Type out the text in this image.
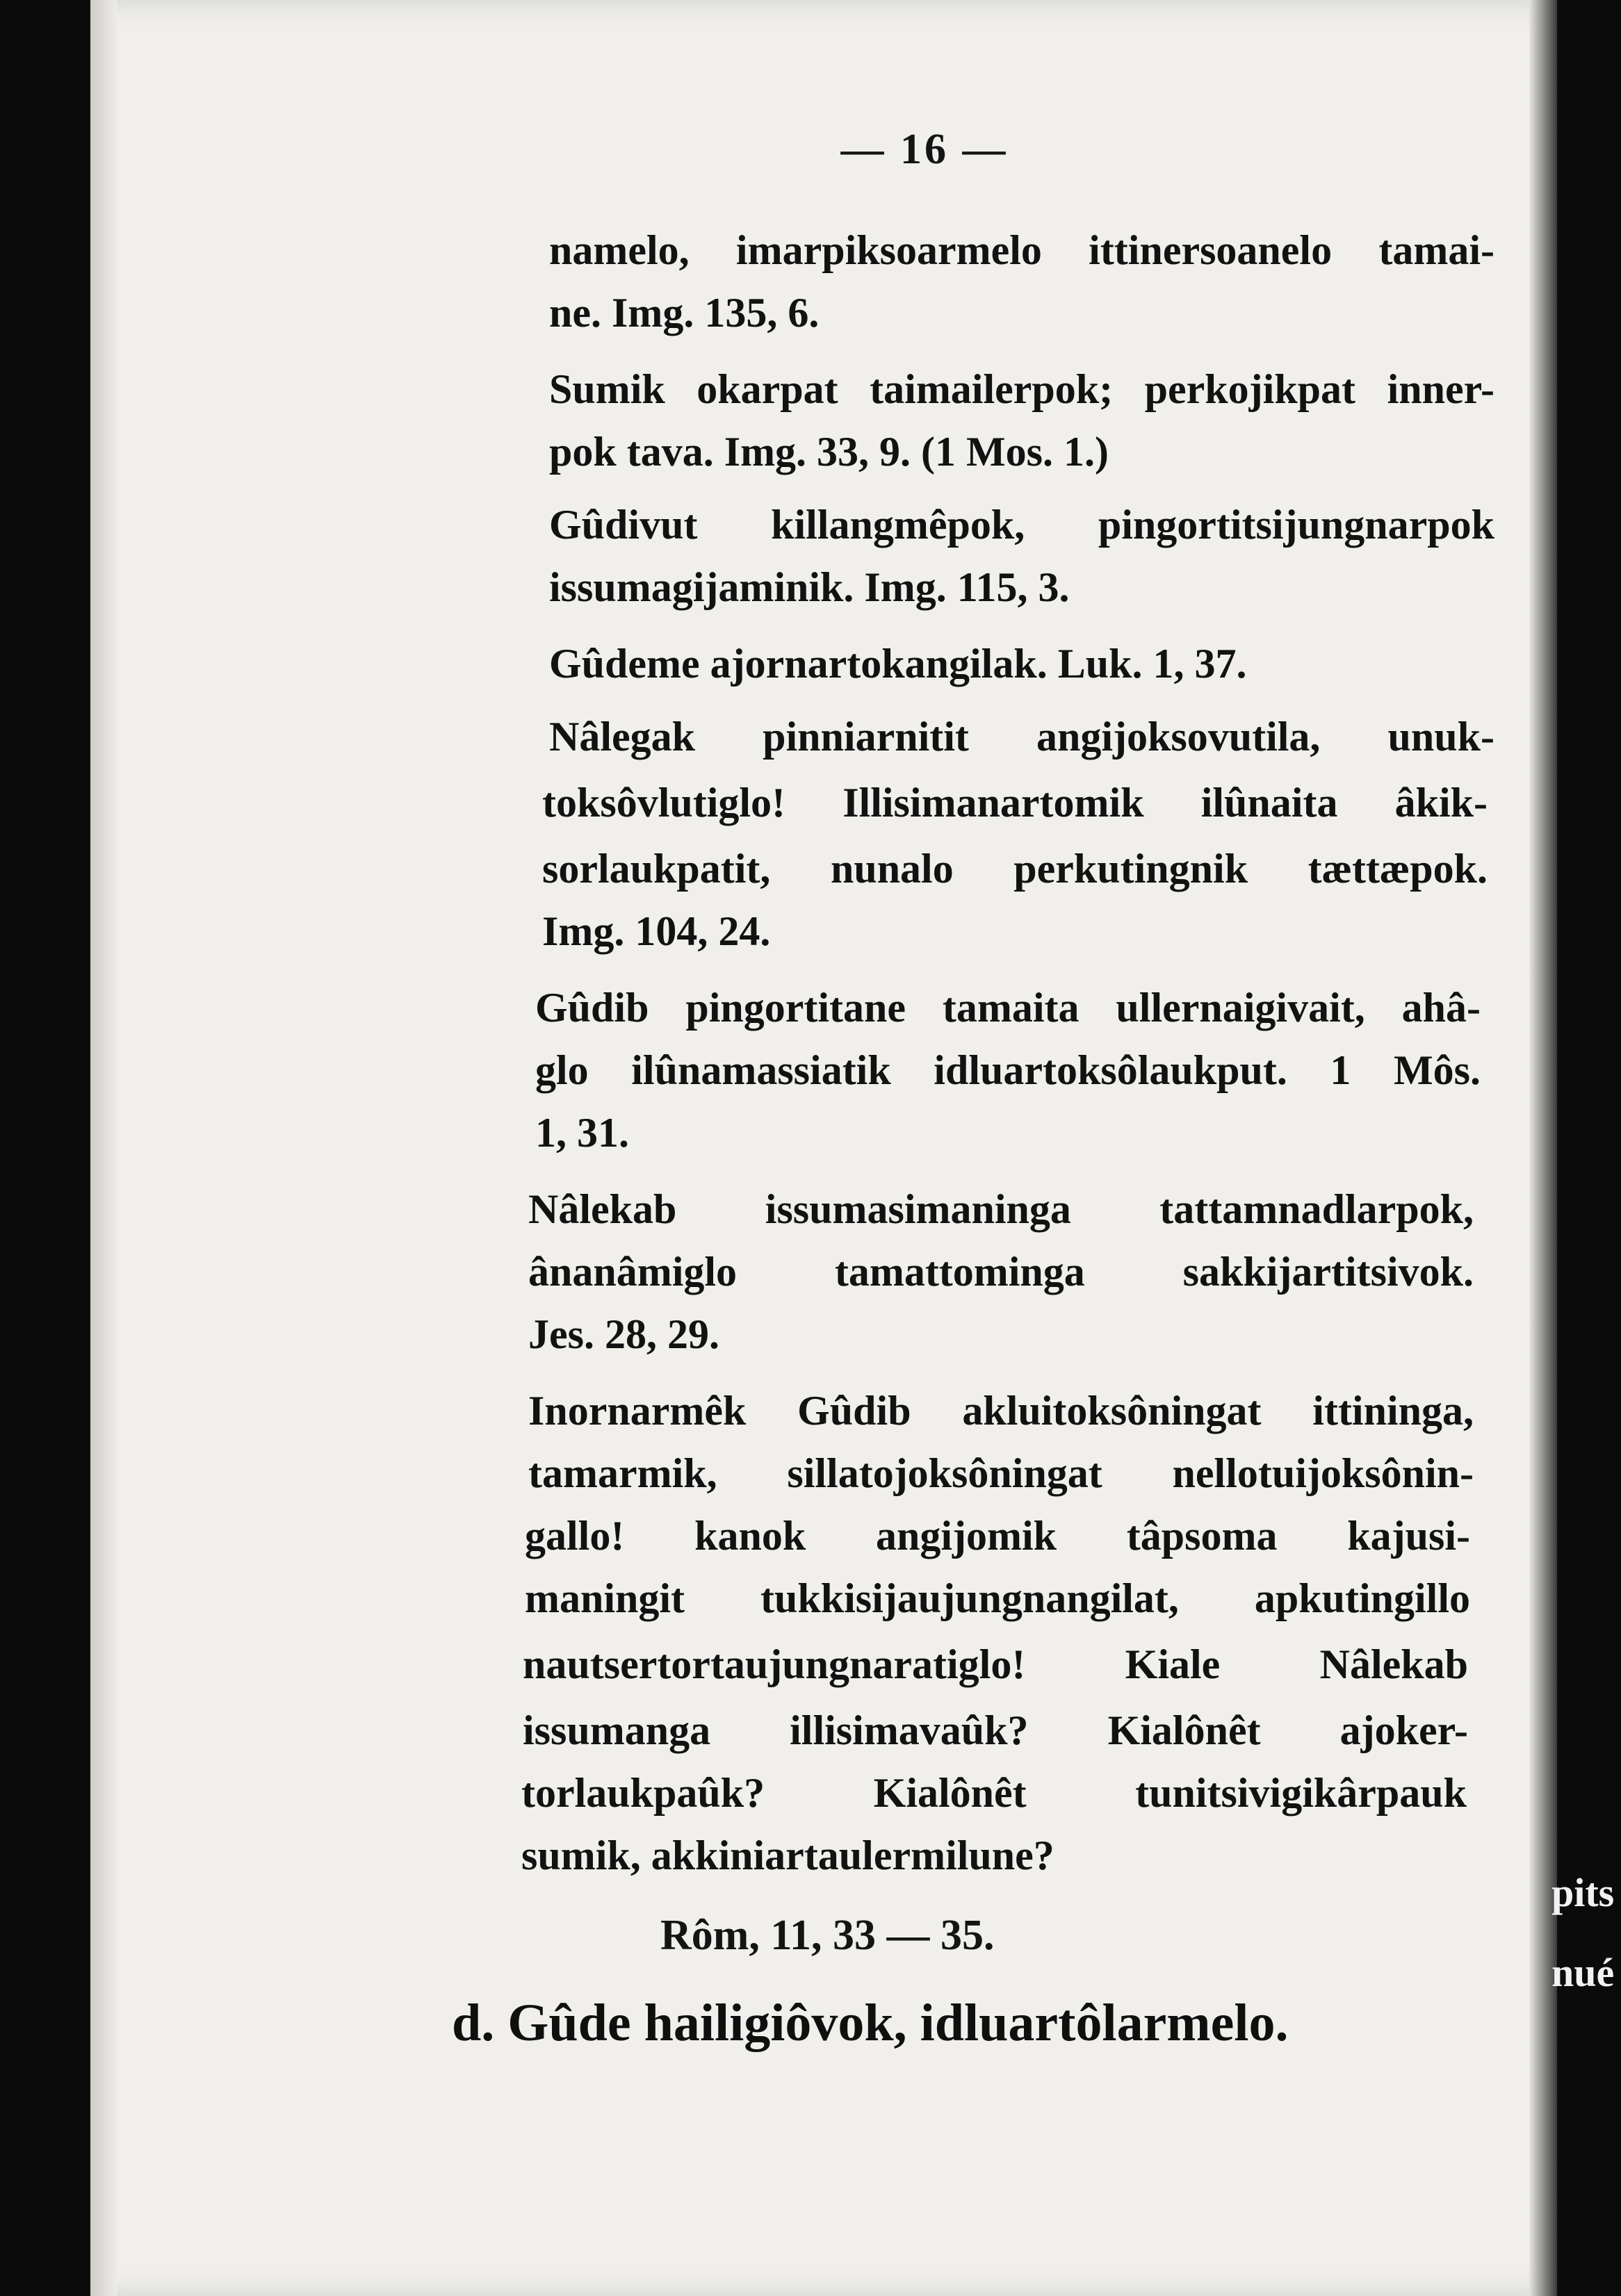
— 16 —
namelo, imarpiksoarmelo ittinersoanelo tamai-
ne. Img. 135, 6.
Sumik okarpat taimailerpok; perkojikpat inner-
pok tava. Img. 33, 9. (1 Mos. 1.)
Gûdivut killangmêpok, pingortitsijungnarpok
issumagijaminik. Img. 115, 3.
Gûdeme ajornartokangilak. Luk. 1, 37.
Nâlegak pinniarnitit angijoksovutila, unuk-
toksôvlutiglo! Illisimanartomik ilûnaita âkik-
sorlaukpatit, nunalo perkutingnik tættæpok.
Img. 104, 24.
Gûdib pingortitane tamaita ullernaigivait, ahâ-
glo ilûnamassiatik idluartoksôlaukput. 1 Môs.
1, 31.
Nâlekab issumasimaninga tattamnadlarpok,
ânanâmiglo tamattominga sakkijartitsivok.
Jes. 28, 29.
Inornarmêk Gûdib akluitoksôningat ittininga,
tamarmik, sillatojoksôningat nellotuijoksônin-
gallo! kanok angijomik tâpsoma kajusi-
maningit tukkisijaujungnangilat, apkutingillo
nautsertortaujungnaratiglo! Kiale Nâlekab
issumanga illisimavaûk? Kialônêt ajoker-
torlaukpaûk? Kialônêt tunitsivigikârpauk
sumik, akkiniartaulermilune?
Rôm, 11, 33 — 35.
d. Gûde hailigiôvok, idluartôlarmelo.
pits
nué
